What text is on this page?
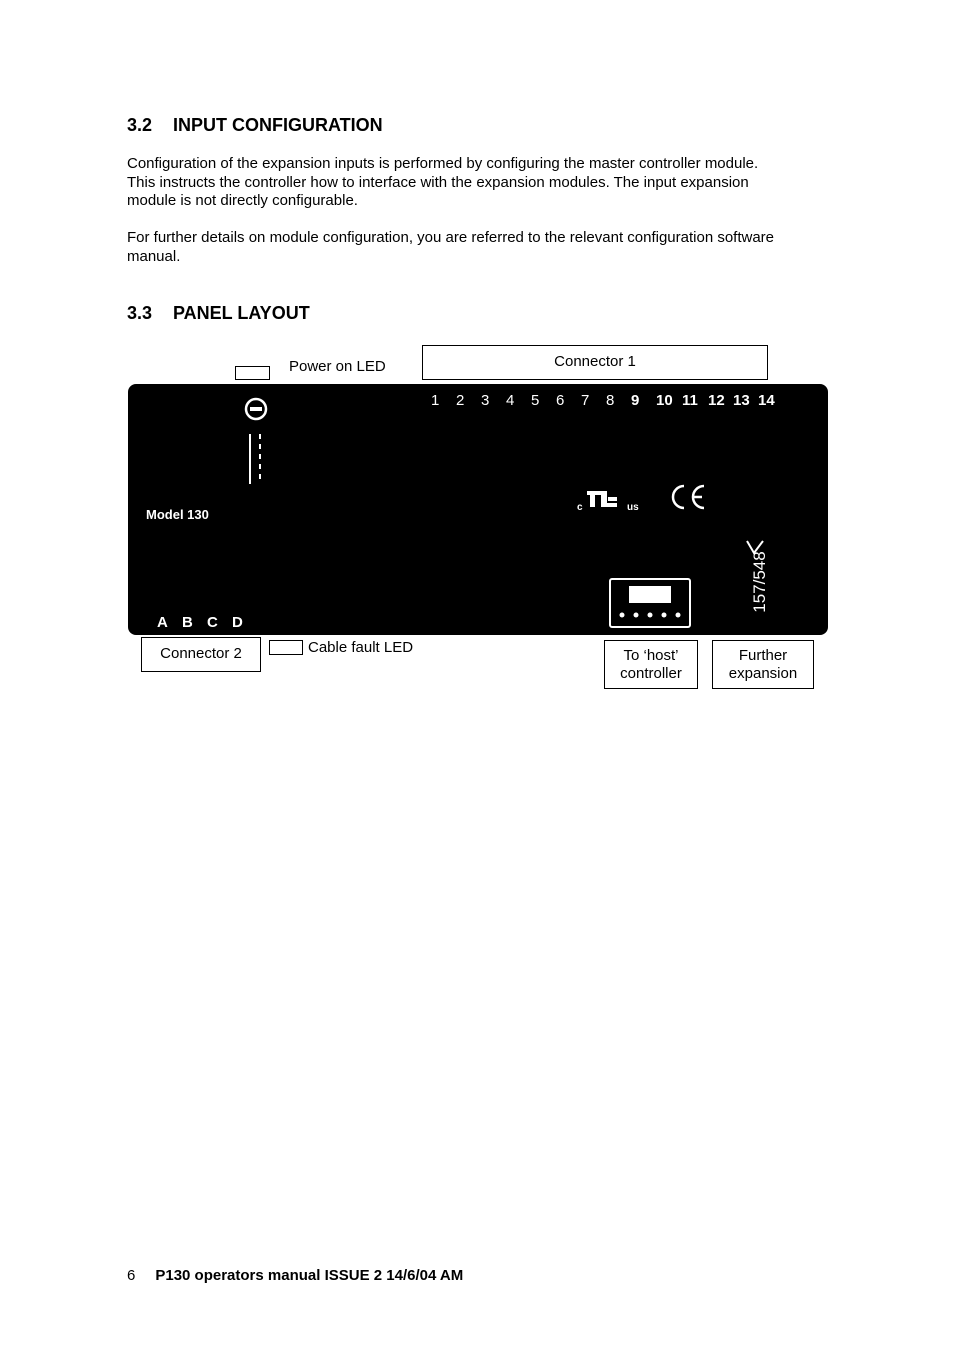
3.2 INPUT CONFIGURATION
Configuration of the expansion inputs is performed by configuring the master controller module.
This instructs the controller how to interface with the expansion modules. The input expansion
module is not directly configurable.
For further details on module configuration, you are referred to the relevant configuration software
manual.
3.3 PANEL LAYOUT
Power on LED	Connector 1
1 2 3 4 5 6 7 8 9 10 11 12 13 14
Model 130	c	us
157/548
A B C D
Connector 2	Cable fault LED	To ‘host’
controller
Further
expansion
6 P130 operators manual ISSUE 2 14/6/04 AM
